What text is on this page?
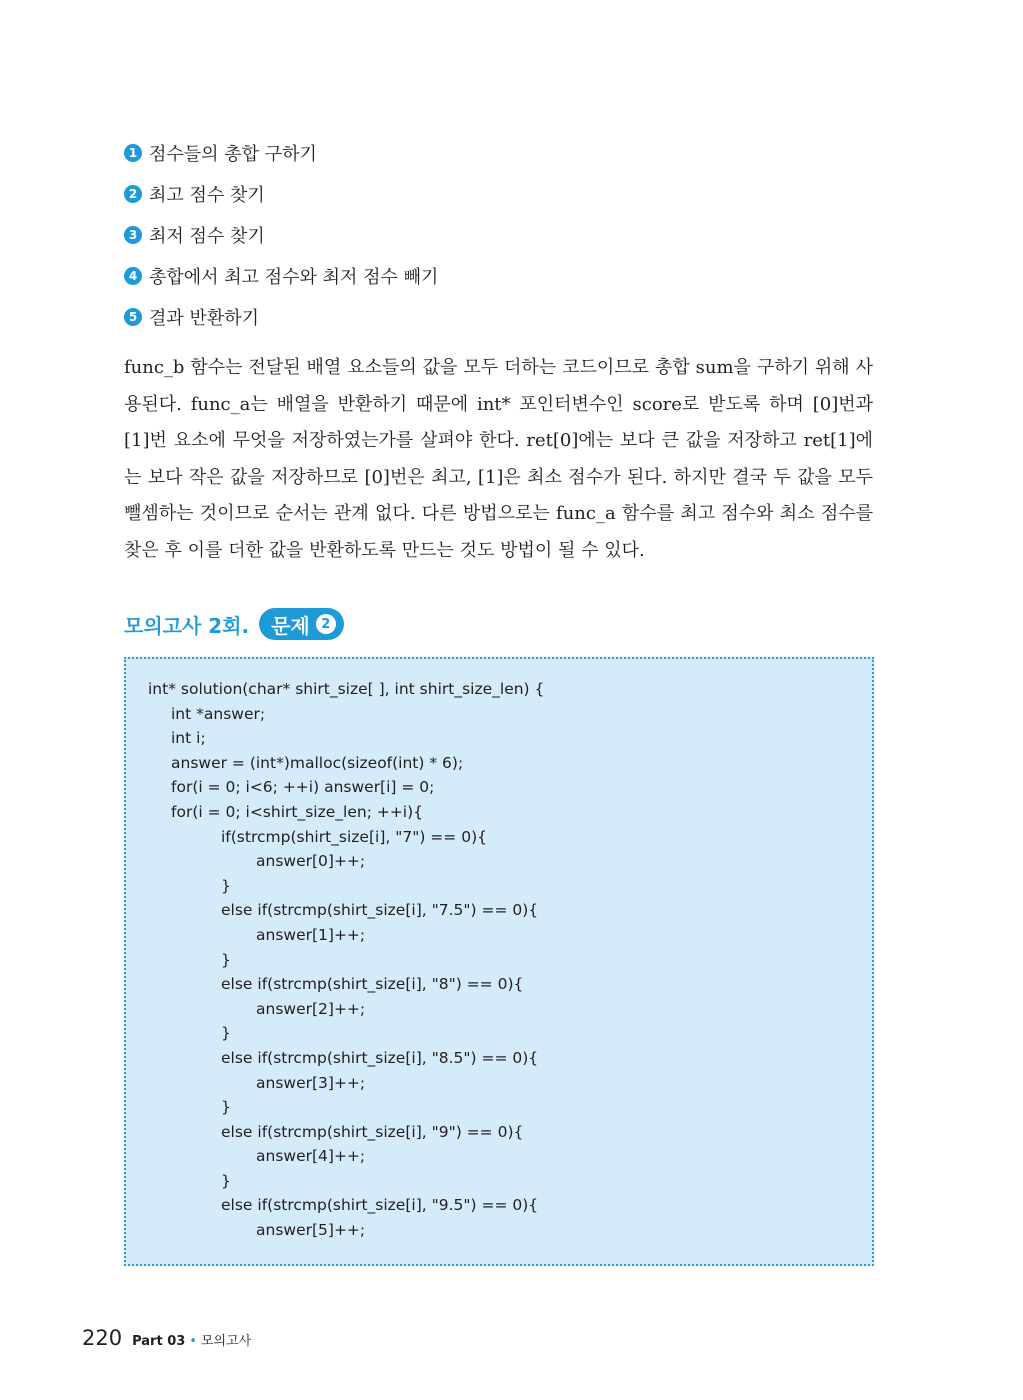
1 점수들의 총합 구하기
2 최고 점수 찾기
3 최저 점수 찾기
4 총합에서 최고 점수와 최저 점수 빼기
5 결과 반환하기

func_b 함수는 전달된 배열 요소들의 값을 모두 더하는 코드이므로 총합 sum을 구하기 위해 사용된다. func_a는 배열을 반환하기 때문에 int* 포인터변수인 score로 받도록 하며 [0]번과 [1]번 요소에 무엇을 저장하였는가를 살펴야 한다. ret[0]에는 보다 큰 값을 저장하고 ret[1]에는 보다 작은 값을 저장하므로 [0]번은 최고, [1]은 최소 점수가 된다. 하지만 결국 두 값을 모두 뺄셈하는 것이므로 순서는 관계 없다. 다른 방법으로는 func_a 함수를 최고 점수와 최소 점수를 찾은 후 이를 더한 값을 반환하도록 만드는 것도 방법이 될 수 있다.

모의고사 2회. 문제 2
int* solution(char* shirt_size[ ], int shirt_size_len) {
int *answer;
int i;
answer = (int*)malloc(sizeof(int) * 6);
for(i = 0; i<6; ++i) answer[i] = 0;
for(i = 0; i<shirt_size_len; ++i){
if(strcmp(shirt_size[i], "7") == 0){
answer[0]++;
}
else if(strcmp(shirt_size[i], "7.5") == 0){
answer[1]++;
}
else if(strcmp(shirt_size[i], "8") == 0){
answer[2]++;
}
else if(strcmp(shirt_size[i], "8.5") == 0){
answer[3]++;
}
else if(strcmp(shirt_size[i], "9") == 0){
answer[4]++;
}
else if(strcmp(shirt_size[i], "9.5") == 0){
answer[5]++;
220 Part 03 • 모의고사
